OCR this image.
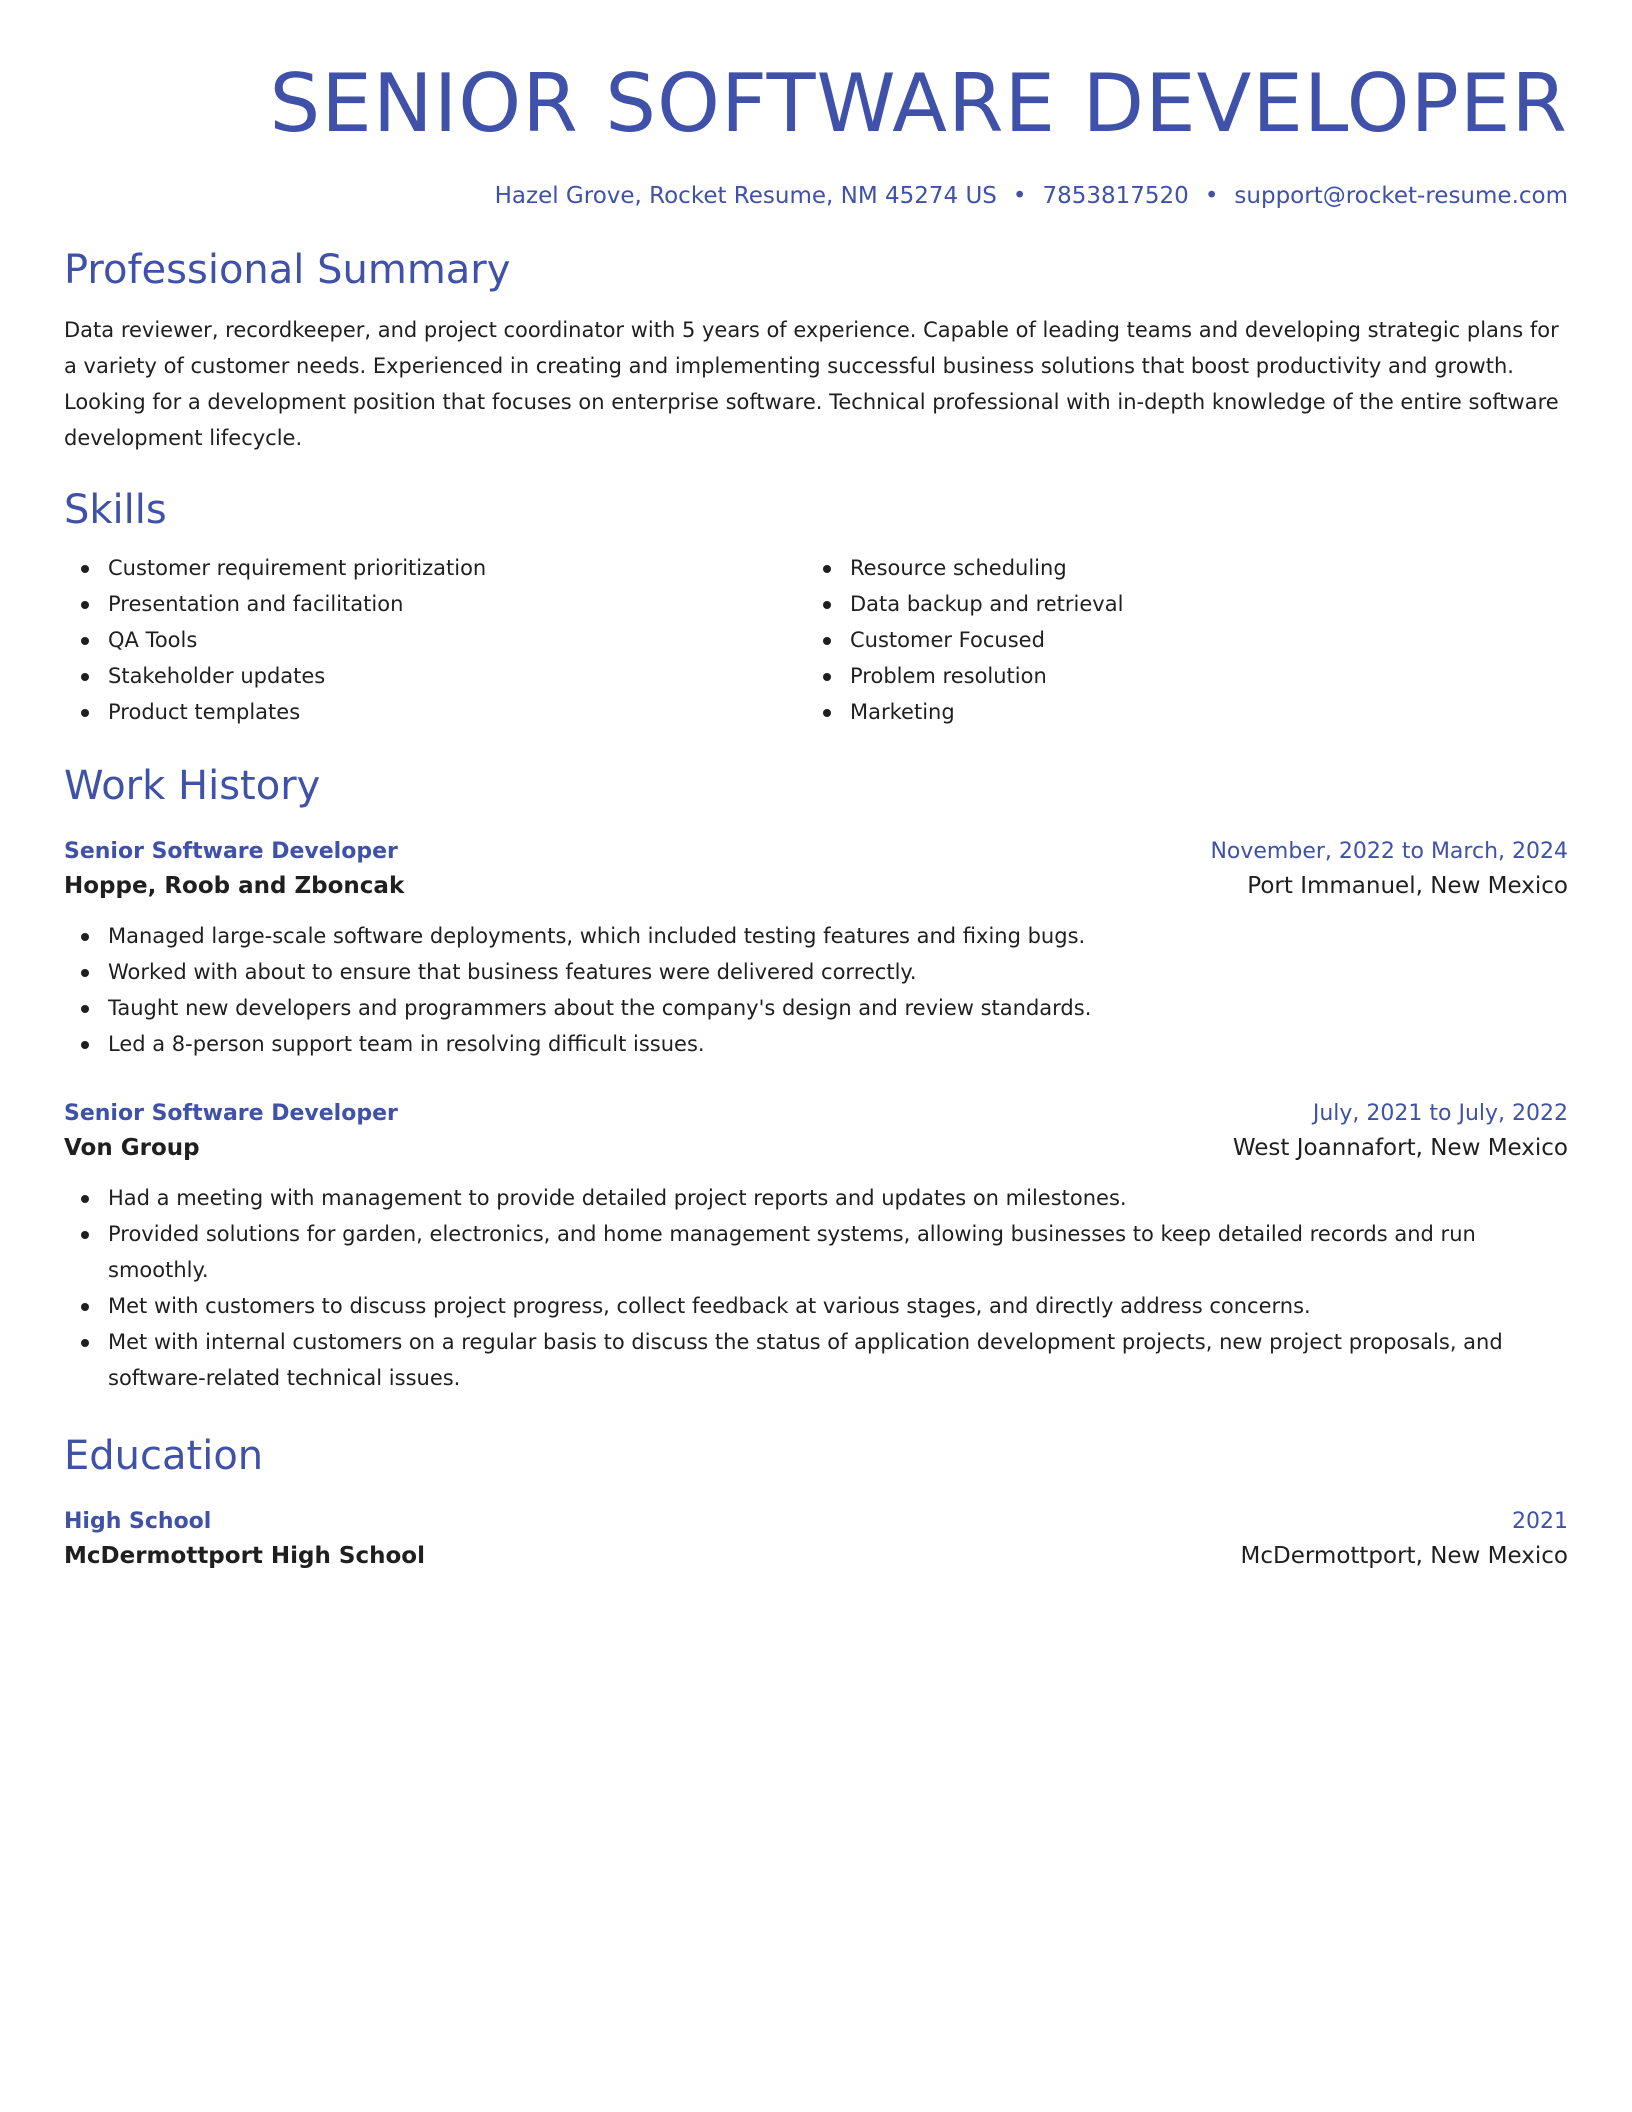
SENIOR SOFTWARE DEVELOPER
Hazel Grove, Rocket Resume, NM 45274 US • 7853817520 • support@rocket-resume.com
Professional Summary

Data reviewer, recordkeeper, and project coordinator with 5 years of experience. Capable of leading teams and developing strategic plans for a variety of customer needs. Experienced in creating and implementing successful business solutions that boost productivity and growth. Looking for a development position that focuses on enterprise software. Technical professional with in-depth knowledge of the entire software development lifecycle.

Skills
Customer requirement prioritization
Presentation and facilitation
QA Tools
Stakeholder updates
Product templates
Resource scheduling
Data backup and retrieval
Customer Focused
Problem resolution
Marketing
Work History
Senior Software Developer	November, 2022 to March, 2024
Hoppe, Roob and Zboncak	Port Immanuel, New Mexico
Managed large-scale software deployments, which included testing features and fixing bugs.
Worked with about to ensure that business features were delivered correctly.
Taught new developers and programmers about the company's design and review standards.
Led a 8-person support team in resolving difficult issues.
Senior Software Developer	July, 2021 to July, 2022
Von Group	West Joannafort, New Mexico
Had a meeting with management to provide detailed project reports and updates on milestones.
Provided solutions for garden, electronics, and home management systems, allowing businesses to keep detailed records and run smoothly.
Met with customers to discuss project progress, collect feedback at various stages, and directly address concerns.
Met with internal customers on a regular basis to discuss the status of application development projects, new project proposals, and software-related technical issues.
Education
High School	2021
McDermottport High School	McDermottport, New Mexico
